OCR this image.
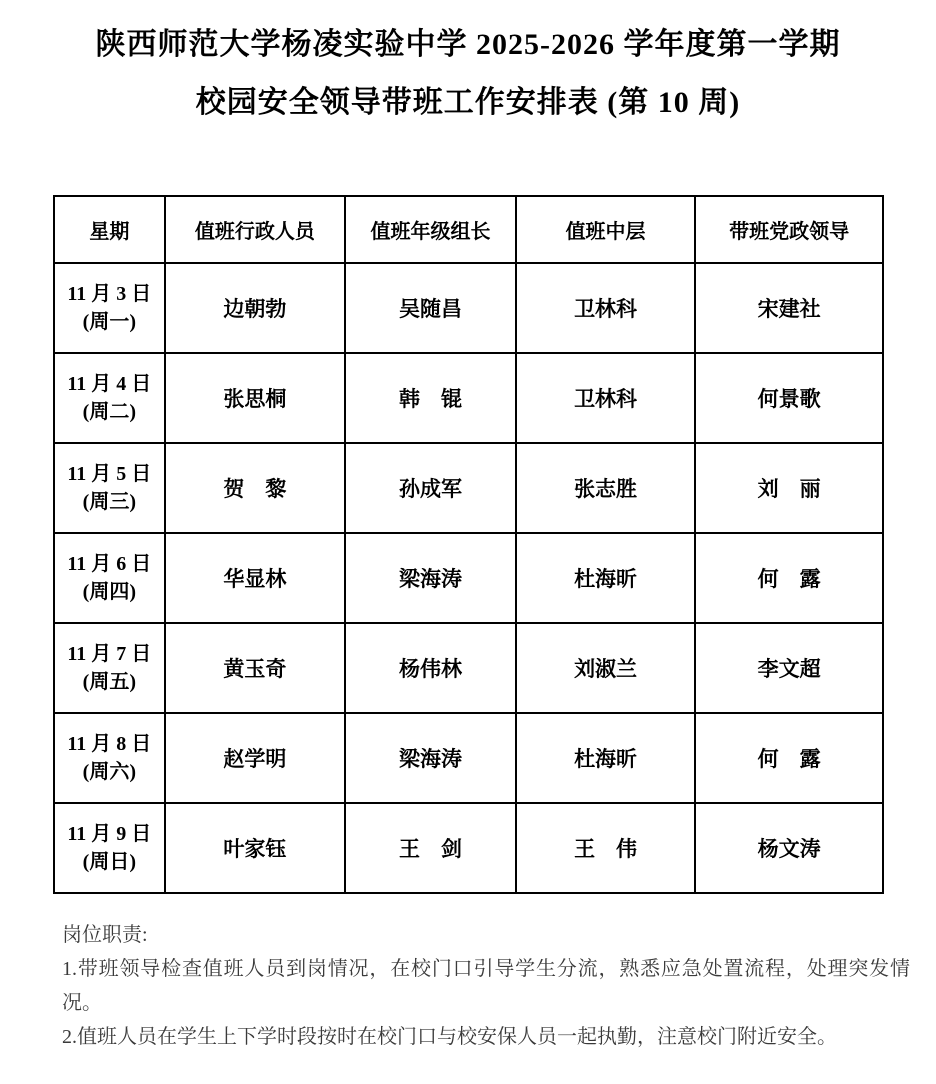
陕西师范大学杨凌实验中学 2025-2026 学年度第一学期
校园安全领导带班工作安排表 (第 10 周)
星期	值班行政人员	值班年级组长	值班中层	带班党政领导

11 月 3 日
(周一)	边朝勃	吴随昌	卫林科	宋建社

11 月 4 日
(周二)	张思桐	韩　锟	卫林科	何景歌

11 月 5 日
(周三)	贺　黎	孙成军	张志胜	刘　丽

11 月 6 日
(周四)	华显林	梁海涛	杜海昕	何　露

11 月 7 日
(周五)	黄玉奇	杨伟林	刘淑兰	李文超

11 月 8 日
(周六)	赵学明	梁海涛	杜海昕	何　露

11 月 9 日
(周日)	叶家钰	王　剑	王　伟	杨文涛
岗位职责:
1.带班领导检查值班人员到岗情况，在校门口引导学生分流，熟悉应急处置流程，处理突发情况。
2.值班人员在学生上下学时段按时在校门口与校安保人员一起执勤，注意校门附近安全。
